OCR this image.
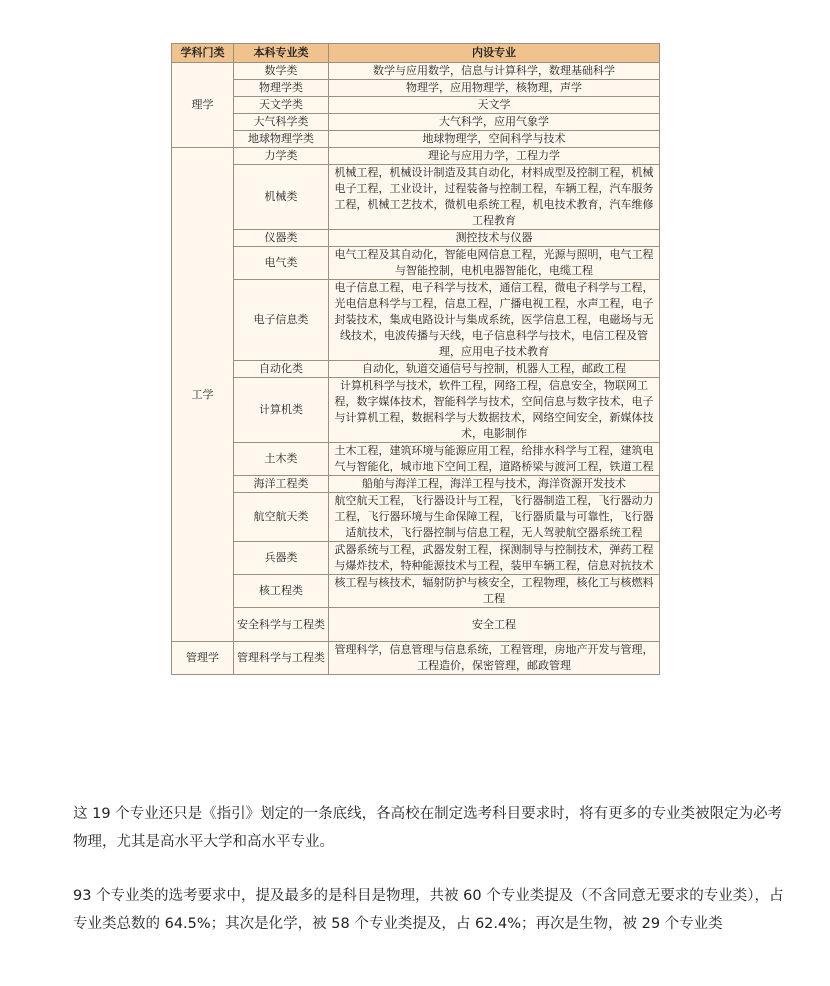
学科门类	本科专业类	内设专业
理学	数学类	数学与应用数学，信息与计算科学，数理基础科学
	物理学类	物理学，应用物理学，核物理，声学
	天文学类	天文学
	大气科学类	大气科学，应用气象学
	地球物理学类	地球物理学，空间科学与技术
工学	力学类	理论与应用力学，工程力学
	机械类	机械工程，机械设计制造及其自动化，材料成型及控制工程，机械电子工程，工业设计，过程装备与控制工程，车辆工程，汽车服务工程，机械工艺技术，微机电系统工程，机电技术教育，汽车维修工程教育
	仪器类	测控技术与仪器
	电气类	电气工程及其自动化，智能电网信息工程，光源与照明，电气工程与智能控制，电机电器智能化，电缆工程
	电子信息类	电子信息工程，电子科学与技术，通信工程，微电子科学与工程，光电信息科学与工程，信息工程，广播电视工程，水声工程，电子封装技术，集成电路设计与集成系统，医学信息工程，电磁场与无线技术，电波传播与天线，电子信息科学与技术，电信工程及管理，应用电子技术教育
	自动化类	自动化，轨道交通信号与控制，机器人工程，邮政工程
	计算机类	计算机科学与技术，软件工程，网络工程，信息安全，物联网工程，数字媒体技术，智能科学与技术，空间信息与数字技术，电子与计算机工程，数据科学与大数据技术，网络空间安全，新媒体技术，电影制作
	土木类	土木工程，建筑环境与能源应用工程，给排水科学与工程，建筑电气与智能化，城市地下空间工程，道路桥梁与渡河工程，铁道工程
	海洋工程类	船舶与海洋工程，海洋工程与技术，海洋资源开发技术
	航空航天类	航空航天工程，飞行器设计与工程，飞行器制造工程，飞行器动力工程，飞行器环境与生命保障工程，飞行器质量与可靠性，飞行器适航技术，飞行器控制与信息工程，无人驾驶航空器系统工程
	兵器类	武器系统与工程，武器发射工程，探测制导与控制技术，弹药工程与爆炸技术，特种能源技术与工程，装甲车辆工程，信息对抗技术
	核工程类	核工程与核技术，辐射防护与核安全，工程物理，核化工与核燃料工程
	安全科学与工程类	安全工程
管理学	管理科学与工程类	管理科学，信息管理与信息系统，工程管理，房地产开发与管理，工程造价，保密管理，邮政管理

这 19 个专业还只是《指引》划定的一条底线，各高校在制定选考科目要求时，将有更多的专业类被限定为必考物理，尤其是高水平大学和高水平专业。

93 个专业类的选考要求中，提及最多的是科目是物理，共被 60 个专业类提及（不含同意无要求的专业类），占专业类总数的 64.5%；其次是化学，被 58 个专业类提及，占 62.4%；再次是生物，被 29 个专业类
